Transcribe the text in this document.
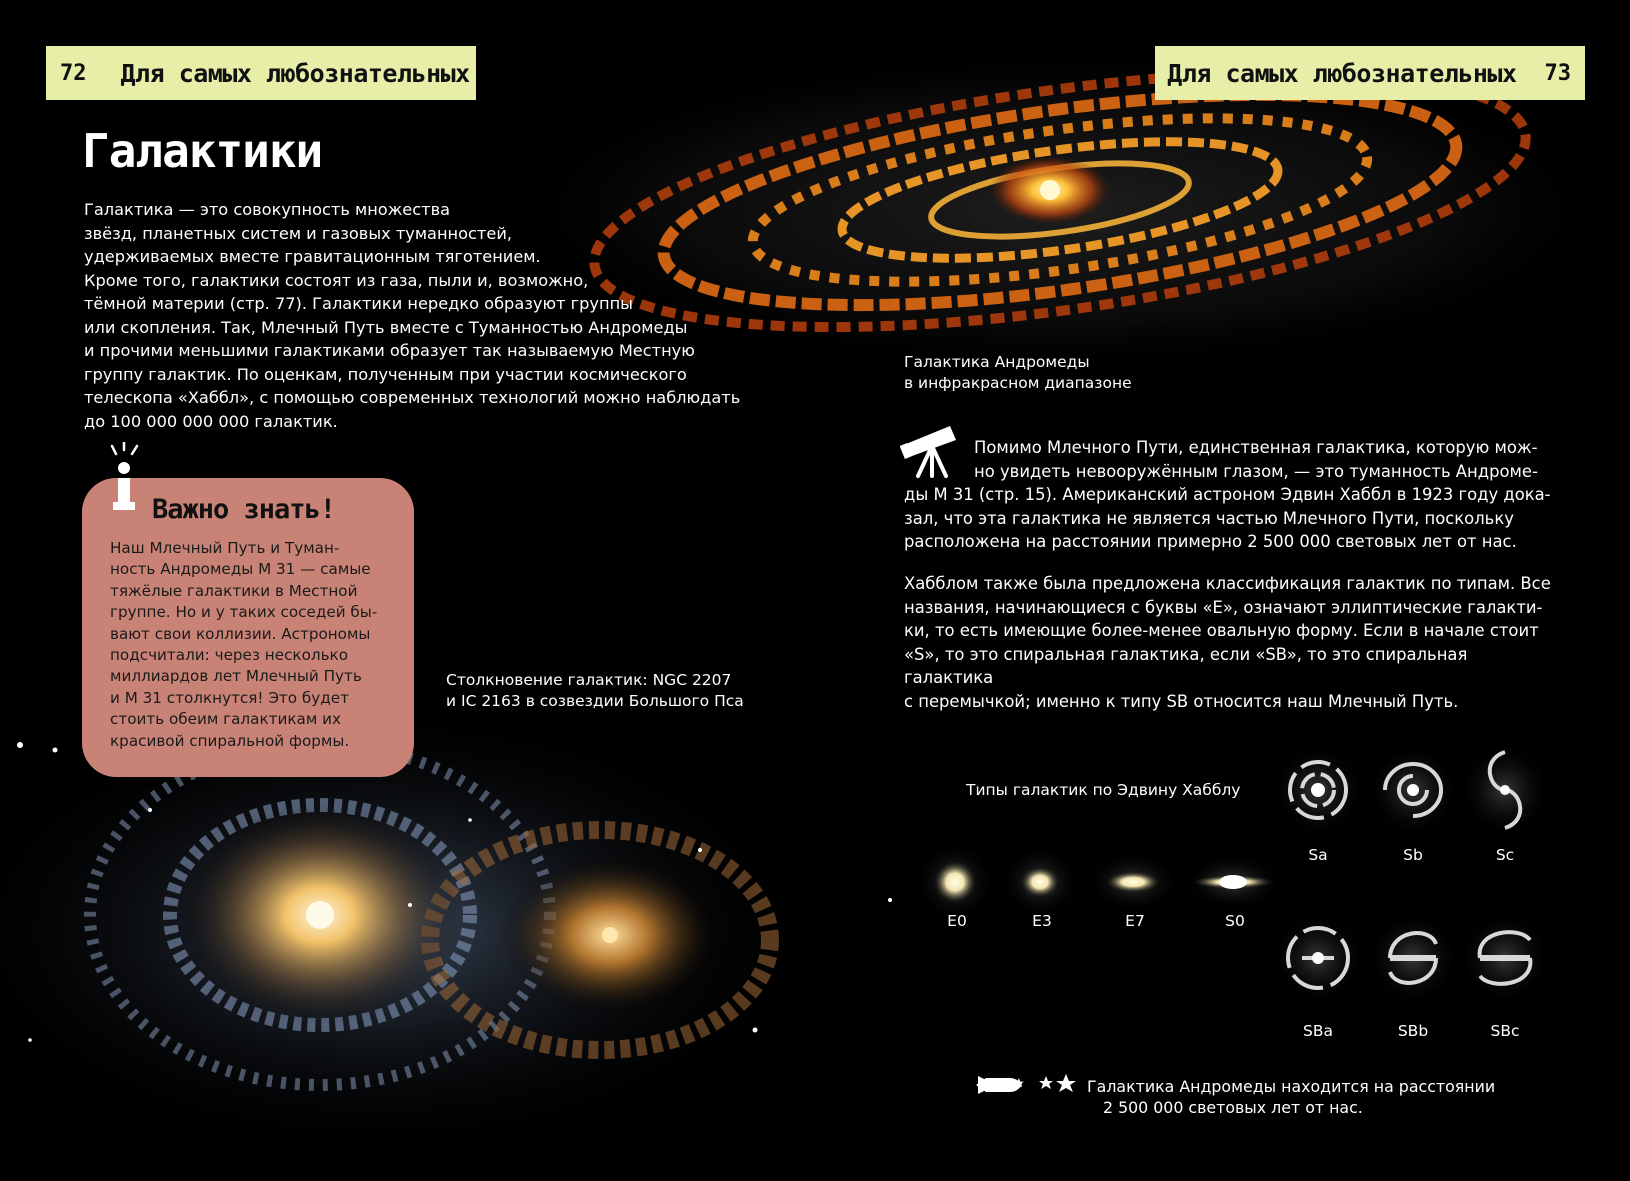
72 Для самых любознательных	Для самых любознательных 73
Галактики
Галактика — это совокупность множества
звёзд, планетных систем и газовых туманностей,
удерживаемых вместе гравитационным тяготением.
Кроме того, галактики состоят из газа, пыли и, возможно,
тёмной материи (стр. 77). Галактики нередко образуют группы
или скопления. Так, Млечный Путь вместе с Туманностью Андромеды
и прочими меньшими галактиками образует так называемую Местную
группу галактик. По оценкам, полученным при участии космического
телескопа «Хаббл», с помощью современных технологий можно наблюдать
до 100 000 000 000 галактик.
Галактика Андромеды
в инфракрасном диапазоне
Важно знать!
Наш Млечный Путь и Туман-
ность Андромеды М 31 — самые
тяжёлые галактики в Местной
группе. Но и у таких соседей бы-
вают свои коллизии. Астрономы
подсчитали: через несколько
миллиардов лет Млечный Путь
и М 31 столкнутся! Это будет
стоить обеим галактикам их
красивой спиральной формы.
Столкновение галактик: NGC 2207
и IC 2163 в созвездии Большого Пса
Помимо Млечного Пути, единственная галактика, которую мож-
но увидеть невооружённым глазом, — это туманность Андроме-
ды М 31 (стр. 15). Американский астроном Эдвин Хаббл в 1923 году дока-
зал, что эта галактика не является частью Млечного Пути, поскольку
расположена на расстоянии примерно 2 500 000 световых лет от нас.
Хабблом также была предложена классификация галактик по типам. Все
названия, начинающиеся с буквы «Е», означают эллиптические галакти-
ки, то есть имеющие более-менее овальную форму. Если в начале стоит
«S», то это спиральная галактика, если «SB», то это спиральная галактика
с перемычкой; именно к типу SB относится наш Млечный Путь.
Типы галактик по Эдвину Хабблу
E0	E3	E7	S0
Sa	Sb	Sc
SBa	SBb	SBc
Галактика Андромеды находится на расстоянии
2 500 000 световых лет от нас.
